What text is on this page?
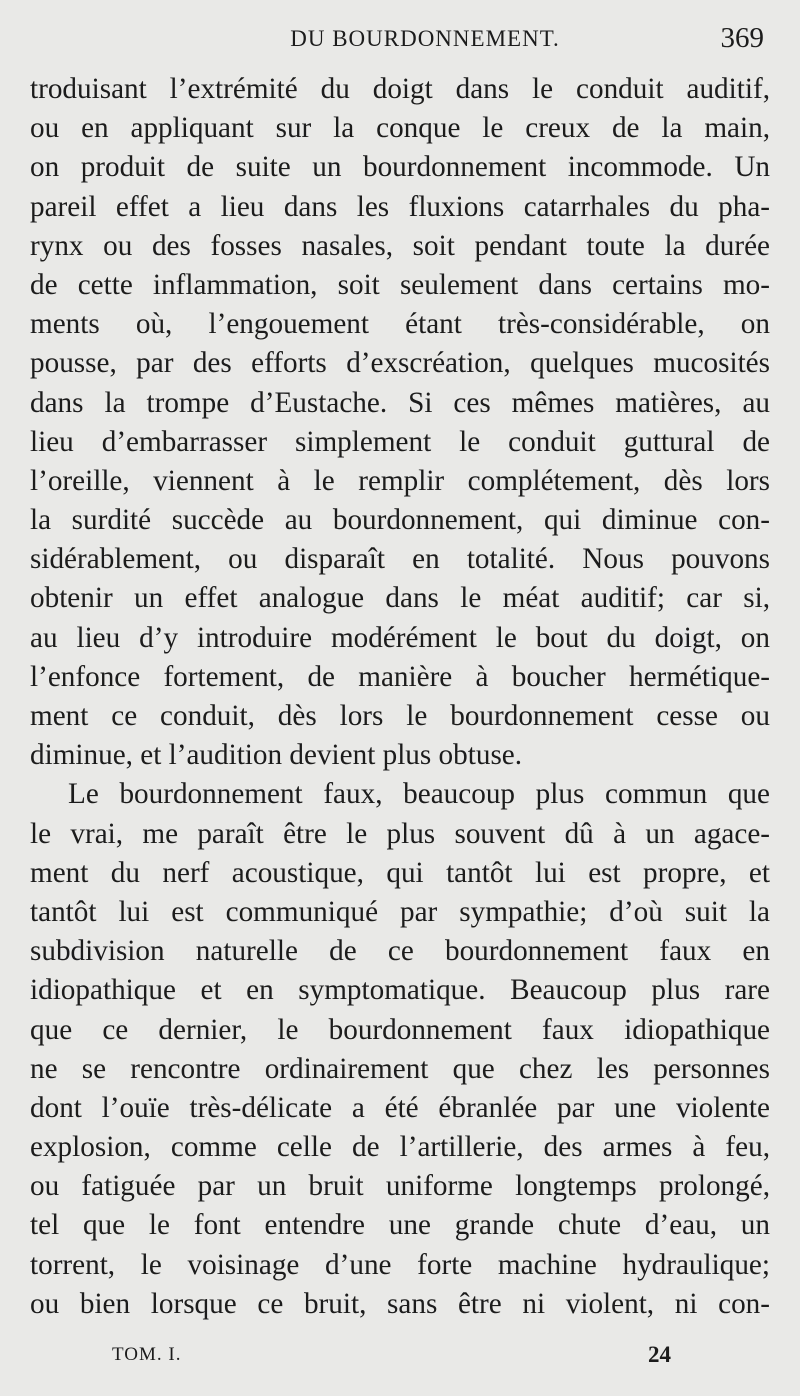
DU BOURDONNEMENT.	369
troduisant l’extrémité du doigt dans le conduit auditif,
ou en appliquant sur la conque le creux de la main,
on produit de suite un bourdonnement incommode. Un
pareil effet a lieu dans les fluxions catarrhales du pha-
rynx ou des fosses nasales, soit pendant toute la durée
de cette inflammation, soit seulement dans certains mo-
ments où, l’engouement étant très-considérable, on
pousse, par des efforts d’exscréation, quelques mucosités
dans la trompe d’Eustache. Si ces mêmes matières, au
lieu d’embarrasser simplement le conduit guttural de
l’oreille, viennent à le remplir complétement, dès lors
la surdité succède au bourdonnement, qui diminue con-
sidérablement, ou disparaît en totalité. Nous pouvons
obtenir un effet analogue dans le méat auditif; car si,
au lieu d’y introduire modérément le bout du doigt, on
l’enfonce fortement, de manière à boucher hermétique-
ment ce conduit, dès lors le bourdonnement cesse ou
diminue, et l’audition devient plus obtuse.
Le bourdonnement faux, beaucoup plus commun que
le vrai, me paraît être le plus souvent dû à un agace-
ment du nerf acoustique, qui tantôt lui est propre, et
tantôt lui est communiqué par sympathie; d’où suit la
subdivision naturelle de ce bourdonnement faux en
idiopathique et en symptomatique. Beaucoup plus rare
que ce dernier, le bourdonnement faux idiopathique
ne se rencontre ordinairement que chez les personnes
dont l’ouïe très-délicate a été ébranlée par une violente
explosion, comme celle de l’artillerie, des armes à feu,
ou fatiguée par un bruit uniforme longtemps prolongé,
tel que le font entendre une grande chute d’eau, un
torrent, le voisinage d’une forte machine hydraulique;
ou bien lorsque ce bruit, sans être ni violent, ni con-
TOM. I.	24
